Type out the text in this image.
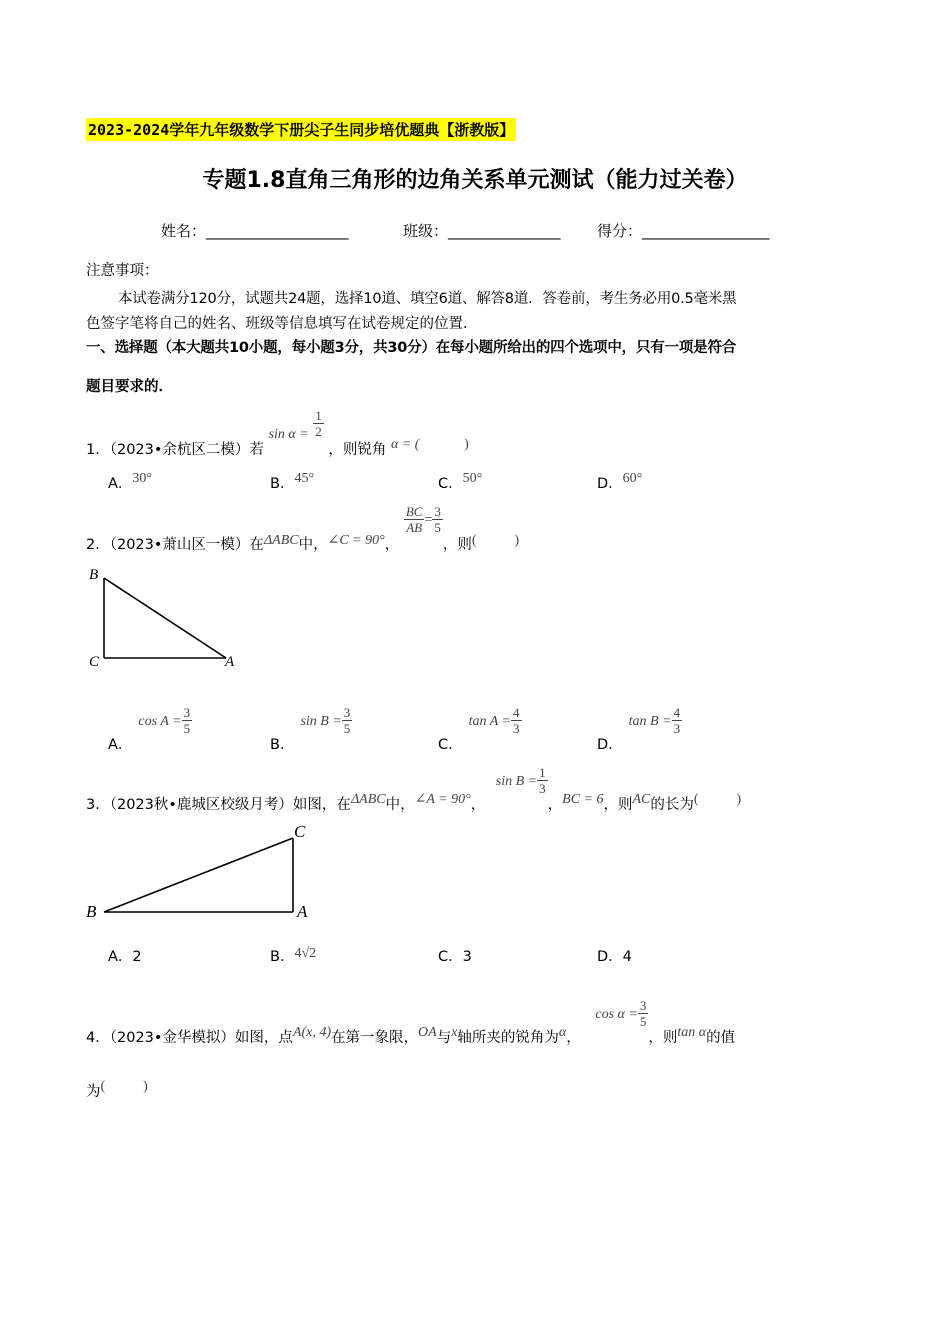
2023-2024学年九年级数学下册尖子生同步培优题典【浙教版】
专题1.8直角三角形的边角关系单元测试（能力过关卷）
姓名：___________________	班级：_______________ 得分：_________________
注意事项：
本试卷满分120分，试题共24题，选择10道、填空6道、解答8道．答卷前，考生务必用0.5毫米黑
色签字笔将自己的姓名、班级等信息填写在试卷规定的位置．
一、选择题（本大题共10小题，每小题3分，共30分）在每小题所给出的四个选项中，只有一项是符合
题目要求的．
1．（2023•余杭区二模）若 $\sin \alpha = \frac{1}{2}$
，则锐角 α = (	)
A．30°	B．45°	C．50°	D．60°
2．（2023•萧山区一模）在ΔABC中，∠C = 90°，
$\frac{BC}{AB} = \frac{3}{5}$
，则(	)
B
C	A
A．$\cos A = \frac{3}{5}$
B．$\sin B = \frac{3}{5}$
C．$\tan A = \frac{4}{3}$
D．$\tan B = \frac{4}{3}$
3．（2023秋•鹿城区校级月考）如图，在ΔABC中，∠A = 90°， $\sin B = \frac{1}{3}$
，BC = 6，则AC的长为(	)
B
C
A
A．2	B．4√2	C．3	D．4
4．（2023•金华模拟）如图，点A(x, 4)在第一象限，OA与x轴所夹的锐角为α， $\cos \alpha = \frac{3}{5}$
，则tan α的值
为(	)
